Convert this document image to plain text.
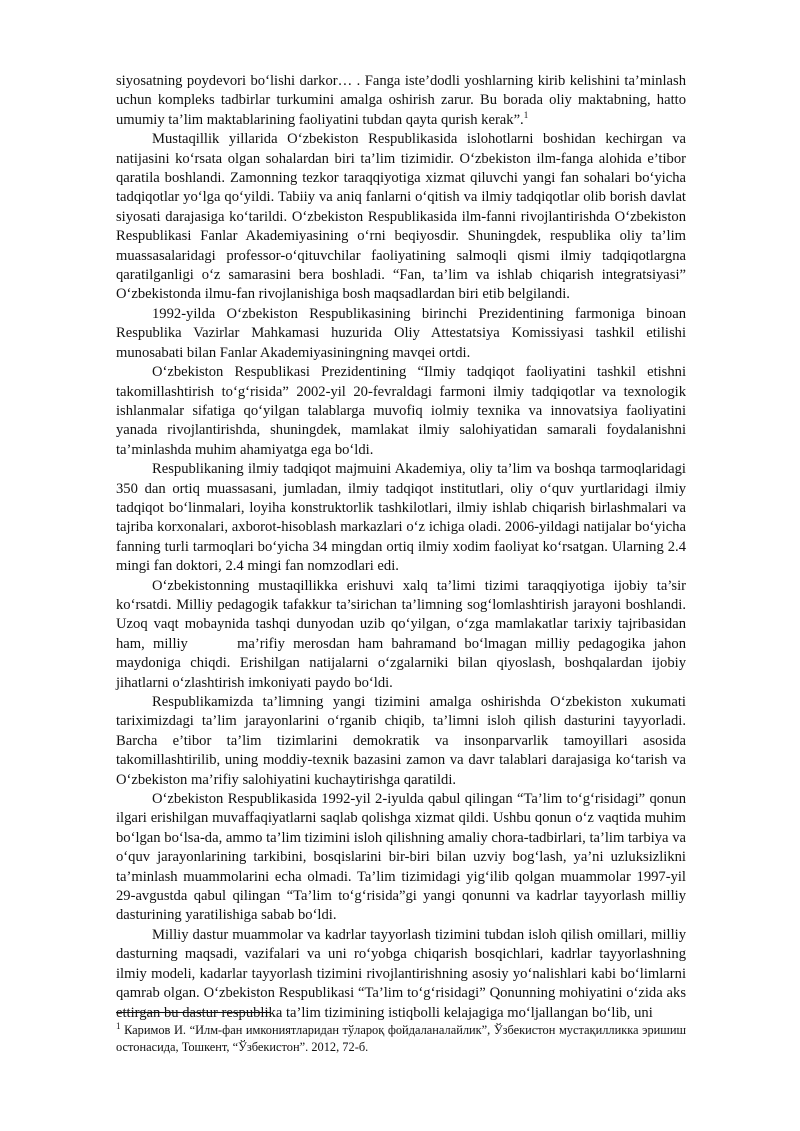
siyosatning poydevori bo‘lishi darkor… . Fanga iste’dodli yoshlarning kirib kelishini ta’minlash uchun kompleks tadbirlar turkumini amalga oshirish zarur. Bu borada oliy maktabning, hatto umumiy ta’lim maktablarining faoliyatini tubdan qayta qurish kerak”.$^1$

Mustaqillik yillarida O‘zbekiston Respublikasida islohotlarni boshidan kechirgan va natijasini ko‘rsata olgan sohalardan biri ta’lim tizimidir. O‘zbekiston ilm-fanga alohida e’tibor qaratila boshlandi. Zamonning tezkor taraqqiyotiga xizmat qiluvchi yangi fan sohalari bo‘yicha tadqiqotlar yo‘lga qo‘yildi. Tabiiy va aniq fanlarni o‘qitish va ilmiy tadqiqotlar olib borish davlat siyosati darajasiga ko‘tarildi. O‘zbekiston Respublikasida ilm-fanni rivojlantirishda O‘zbekiston Respublikasi Fanlar Akademiyasining o‘rni beqiyosdir. Shuningdek, respublika oliy ta’lim muassasalaridagi professor-o‘qituvchilar faoliyatining salmoqli qismi ilmiy tadqiqotlargna qaratilganligi o‘z samarasini bera boshladi. “Fan, ta’lim va ishlab chiqarish integratsiyasi” O‘zbekistonda ilmu-fan rivojlanishiga bosh maqsadlardan biri etib belgilandi.

1992-yilda O‘zbekiston Respublikasining birinchi Prezidentining farmoniga binoan Respublika Vazirlar Mahkamasi huzurida Oliy Attestatsiya Komissiyasi tashkil etilishi munosabati bilan Fanlar Akademiyasiningning mavqei ortdi.

O‘zbekiston Respublikasi Prezidentining “Ilmiy tadqiqot faoliyatini tashkil etishni takomillashtirish to‘g‘risida” 2002-yil 20-fevraldagi farmoni ilmiy tadqiqotlar va texnologik ishlanmalar sifatiga qo‘yilgan talablarga muvofiq iolmiy texnika va innovatsiya faoliyatini yanada rivojlantirishda, shuningdek, mamlakat ilmiy salohiyatidan samarali foydalanishni ta’minlashda muhim ahamiyatga ega bo‘ldi.

Respublikaning ilmiy tadqiqot majmuini Akademiya, oliy ta’lim va boshqa tarmoqlaridagi 350 dan ortiq muassasani, jumladan, ilmiy tadqiqot institutlari, oliy o‘quv yurtlaridagi ilmiy tadqiqot bo‘linmalari, loyiha konstruktorlik tashkilotlari, ilmiy ishlab chiqarish birlashmalari va tajriba korxonalari, axborot-hisoblash markazlari o‘z ichiga oladi. 2006-yildagi natijalar bo‘yicha fanning turli tarmoqlari bo‘yicha 34 mingdan ortiq ilmiy xodim faoliyat ko‘rsatgan. Ularning 2.4 mingi fan doktori, 2.4 mingi fan nomzodlari edi.

O‘zbekistonning mustaqillikka erishuvi xalq ta’limi tizimi taraqqiyotiga ijobiy ta’sir ko‘rsatdi. Milliy pedagogik tafakkur ta’sirichan ta’limning sog‘lomlashtirish jarayoni boshlandi. Uzoq vaqt mobaynida tashqi dunyodan uzib qo‘yilgan, o‘zga mamlakatlar tarixiy tajribasidan ham, milliy      ma’rifiy merosdan ham bahramand bo‘lmagan milliy pedagogika jahon maydoniga chiqdi. Erishilgan natijalarni o‘zgalarniki bilan qiyoslash, boshqalardan ijobiy jihatlarni o‘zlashtirish imkoniyati paydo bo‘ldi.

Respublikamizda ta’limning yangi tizimini amalga oshirishda O‘zbekiston xukumati tariximizdagi ta’lim jarayonlarini o‘rganib chiqib, ta’limni isloh qilish dasturini tayyorladi. Barcha e’tibor ta’lim tizimlarini demokratik va insonparvarlik tamoyillari asosida takomillashtirilib, uning moddiy-texnik bazasini zamon va davr talablari darajasiga ko‘tarish va O‘zbekiston ma’rifiy salohiyatini kuchaytirishga qaratildi.

O‘zbekiston Respublikasida 1992-yil 2-iyulda qabul qilingan “Ta’lim to‘g‘risidagi” qonun ilgari erishilgan muvaffaqiyatlarni saqlab qolishga xizmat qildi. Ushbu qonun o‘z vaqtida muhim bo‘lgan bo‘lsa-da, ammo ta’lim tizimini isloh qilishning amaliy chora-tadbirlari, ta’lim tarbiya va o‘quv jarayonlarining tarkibini, bosqislarini bir-biri bilan uzviy bog‘lash, ya’ni uzluksizlikni ta’minlash muammolarini echa olmadi. Ta’lim tizimidagi yig‘ilib qolgan muammolar 1997-yil 29-avgustda qabul qilingan “Ta’lim to‘g‘risida”gi yangi qonunni va kadrlar tayyorlash milliy dasturining yaratilishiga sabab bo‘ldi.

Milliy dastur muammolar va kadrlar tayyorlash tizimini tubdan isloh qilish omillari, milliy dasturning maqsadi, vazifalari va uni ro‘yobga chiqarish bosqichlari, kadrlar tayyorlashning ilmiy modeli, kadarlar tayyorlash tizimini rivojlantirishning asosiy yo‘nalishlari kabi bo‘limlarni qamrab olgan. O‘zbekiston Respublikasi “Ta’lim to‘g‘risidagi” Qonunning mohiyatini o‘zida aks ettirgan bu dastur respublika ta’lim tizimining istiqbolli kelajagiga mo‘ljallangan bo‘lib, uni

$^1$ Каримов И. “Илм-фан имкониятларидан тўлароқ фойдаланалайлик”, Ўзбекистон мустақилликка эришиш остонасида, Тошкент, “Ўзбекистон”. 2012, 72-б.
